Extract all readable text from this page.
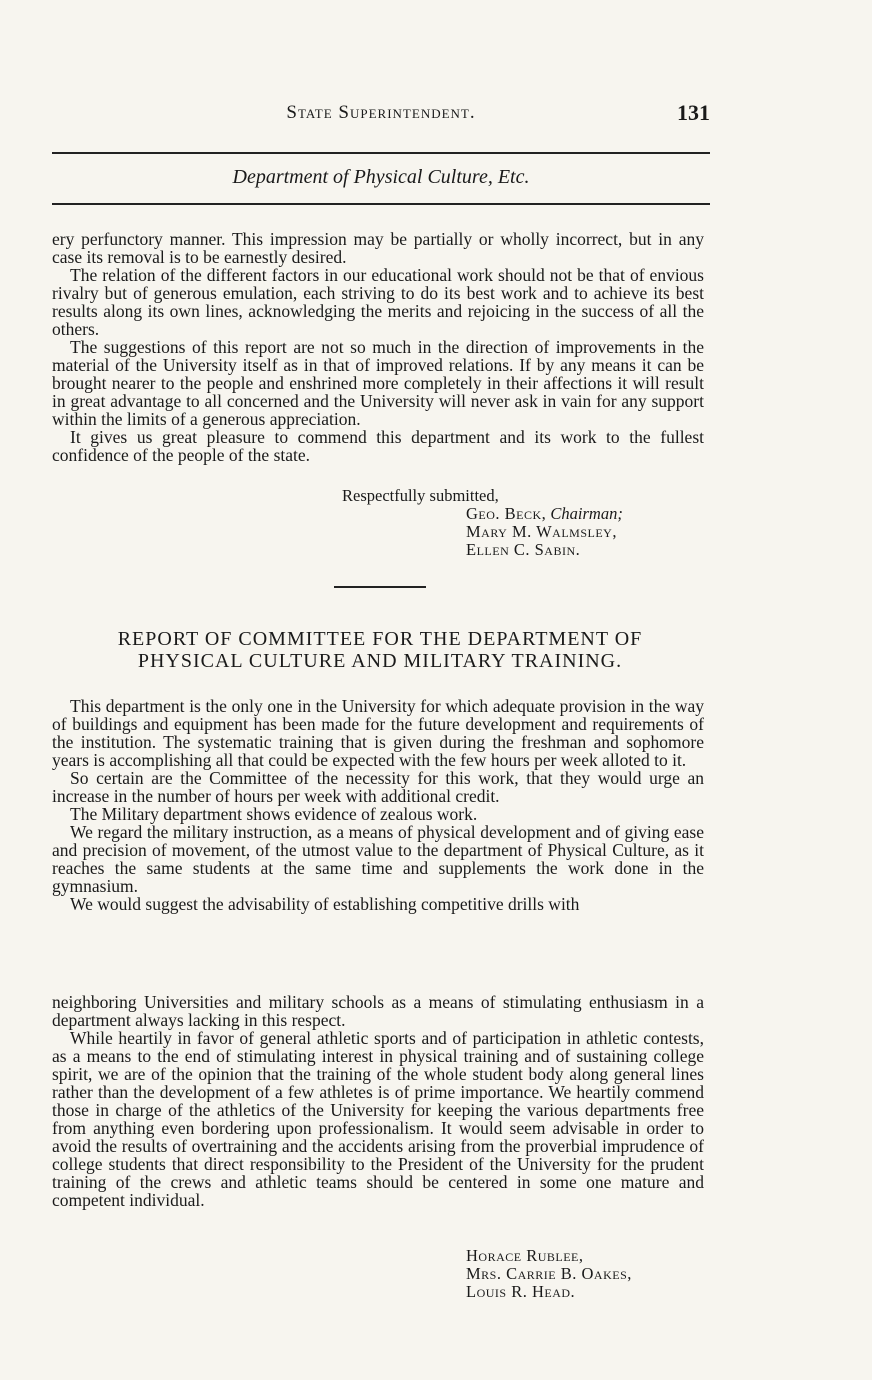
State Superintendent.	131
Department of Physical Culture, Etc.

ery perfunctory manner. This impression may be partially or wholly incorrect, but in any case its removal is to be earnestly desired.

The relation of the different factors in our educational work should not be that of envious rivalry but of generous emulation, each striving to do its best work and to achieve its best results along its own lines, acknowledging the merits and rejoicing in the success of all the others.

The suggestions of this report are not so much in the direction of improvements in the material of the University itself as in that of improved relations. If by any means it can be brought nearer to the people and enshrined more completely in their affections it will result in great advantage to all concerned and the University will never ask in vain for any support within the limits of a generous appreciation.

It gives us great pleasure to commend this department and its work to the fullest confidence of the people of the state.

Respectfully submitted,
Geo. Beck, Chairman;
Mary M. Walmsley,
Ellen C. Sabin.
REPORT OF COMMITTEE FOR THE DEPARTMENT OF
PHYSICAL CULTURE AND MILITARY TRAINING.

This department is the only one in the University for which adequate provision in the way of buildings and equipment has been made for the future development and requirements of the institution. The systematic training that is given during the freshman and sophomore years is accomplishing all that could be expected with the few hours per week alloted to it.

So certain are the Committee of the necessity for this work, that they would urge an increase in the number of hours per week with additional credit.

The Military department shows evidence of zealous work.

We regard the military instruction, as a means of physical development and of giving ease and precision of movement, of the utmost value to the department of Physical Culture, as it reaches the same students at the same time and supplements the work done in the gymnasium.

We would suggest the advisability of establishing competitive drills with

neighboring Universities and military schools as a means of stimulating enthusiasm in a department always lacking in this respect.

While heartily in favor of general athletic sports and of participation in athletic contests, as a means to the end of stimulating interest in physical training and of sustaining college spirit, we are of the opinion that the training of the whole student body along general lines rather than the development of a few athletes is of prime importance. We heartily commend those in charge of the athletics of the University for keeping the various departments free from anything even bordering upon professionalism. It would seem advisable in order to avoid the results of overtraining and the accidents arising from the proverbial imprudence of college students that direct responsibility to the President of the University for the prudent training of the crews and athletic teams should be centered in some one mature and competent individual.

Horace Rublee,
Mrs. Carrie B. Oakes,
Louis R. Head.
